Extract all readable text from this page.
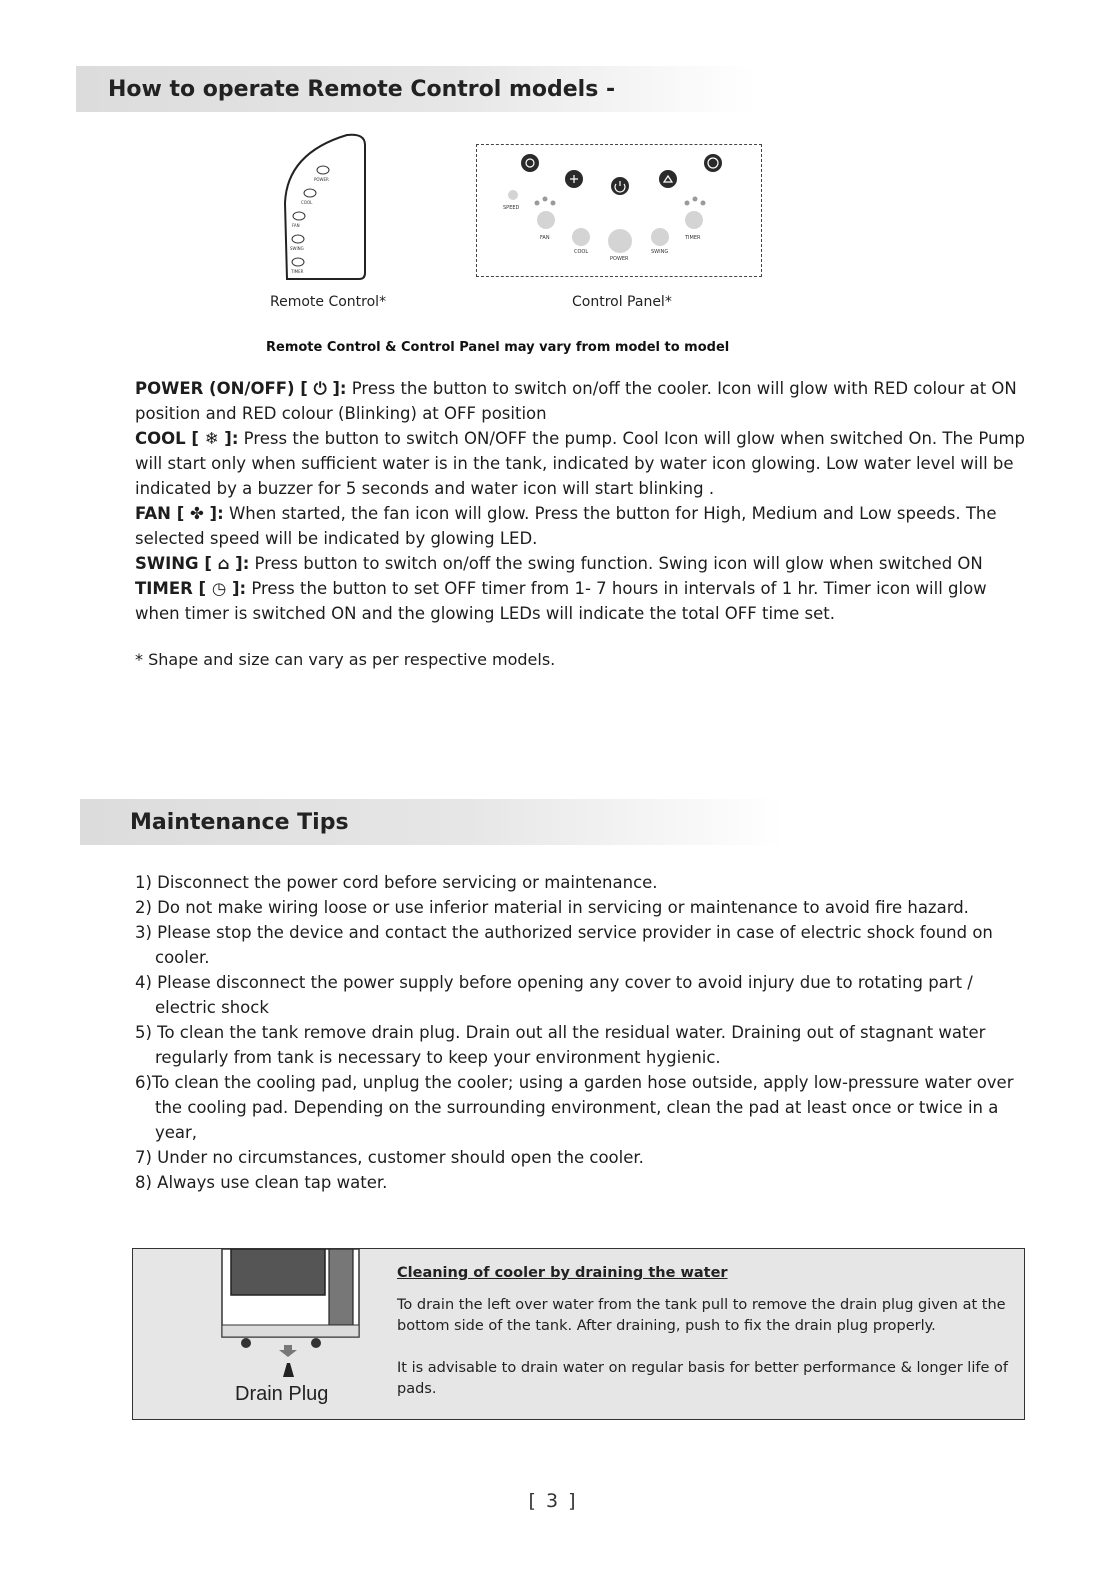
How to operate Remote Control models -
POWER
COOL
FAN
SWING
TIMER
SPEED
FAN
COOL
POWER
SWING
TIMER
Remote Control*	Control Panel*
Remote Control & Control Panel may vary from model to model

POWER (ON/OFF) [ ⏻ ]: Press the button to switch on/off the cooler. Icon will glow with RED colour at ON position and RED colour (Blinking) at OFF position

COOL [ ❄ ]: Press the button to switch ON/OFF the pump. Cool Icon will glow when switched On. The Pump will start only when sufficient water is in the tank, indicated by water icon glowing. Low water level will be indicated by a buzzer for 5 seconds and water icon will start blinking .

FAN [ ✤ ]: When started, the fan icon will glow. Press the button for High, Medium and Low speeds. The selected speed will be indicated by glowing LED.

SWING [ ⌂ ]: Press button to switch on/off the swing function. Swing icon will glow when switched ON

TIMER [ ◷ ]: Press the button to set OFF timer from 1- 7 hours in intervals of 1 hr. Timer icon will glow when timer is switched ON and the glowing LEDs will indicate the total OFF time set.

* Shape and size can vary as per respective models.
Maintenance Tips
1) Disconnect the power cord before servicing or maintenance.
2) Do not make wiring loose or use inferior material in servicing or maintenance to avoid fire hazard.
3) Please stop the device and contact the authorized service provider in case of electric shock found on cooler.
4) Please disconnect the power supply before opening any cover to avoid injury due to rotating part / electric shock
5) To clean the tank remove drain plug. Drain out all the residual water. Draining out of stagnant water regularly from tank is necessary to keep your environment hygienic.
6)To clean the cooling pad, unplug the cooler; using a garden hose outside, apply low-pressure water over the cooling pad. Depending on the surrounding environment, clean the pad at least once or twice in a year,
7) Under no circumstances, customer should open the cooler.
8) Always use clean tap water.
Drain Plug
Cleaning of cooler by draining the water
To drain the left over water from the tank pull to remove the drain plug given at the bottom side of the tank. After draining, push to fix the drain plug properly.
It is advisable to drain water on regular basis for better performance & longer life of pads.
[ 3 ]
